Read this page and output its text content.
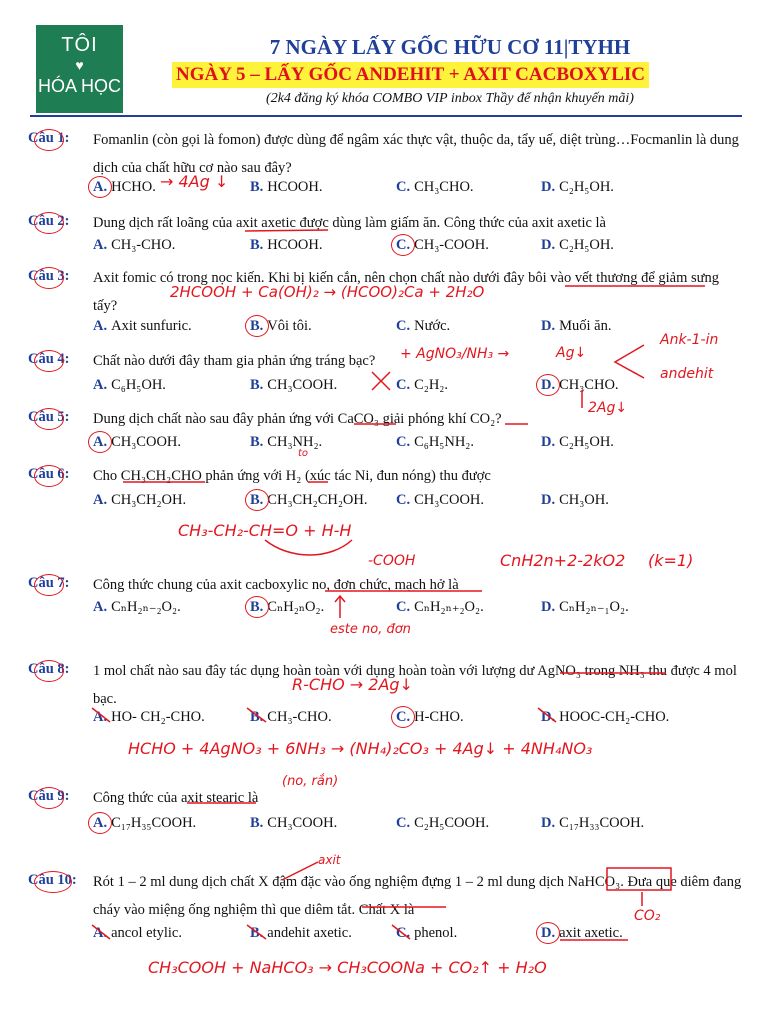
TÔI
♥
HÓA HỌC
7 NGÀY LẤY GỐC HỮU CƠ 11|TYHH
NGÀY 5 – LẤY GỐC ANDEHIT + AXIT CACBOXYLIC
(2k4 đăng ký khóa COMBO VIP inbox Thầy để nhận khuyến mãi)
Câu 1: Fomanlin (còn gọi là fomon) được dùng để ngâm xác thực vật, thuộc da, tẩy uế, diệt trùng…Focmanlin là dung dịch của chất hữu cơ nào sau đây?
A. HCHO.	B. HCOOH.	C. CH₃CHO.	D. C₂H₅OH.
Câu 2: Dung dịch rất loãng của axit axetic được dùng làm giấm ăn. Công thức của axit axetic là
A. CH₃-CHO.	B. HCOOH.	C. CH₃-COOH.	D. C₂H₅OH.
Câu 3: Axit fomic có trong nọc kiến. Khi bị kiến cắn, nên chọn chất nào dưới đây bôi vào vết thương để giảm sưng tấy?
A. Axit sunfuric.	B. Vôi tôi.	C. Nước.	D. Muối ăn.
Câu 4: Chất nào dưới đây tham gia phản ứng tráng bạc?
A. C₆H₅OH.	B. CH₃COOH.	C. C₂H₂.	D. CH₃CHO.
Câu 5: Dung dịch chất nào sau đây phản ứng với CaCO₃ giải phóng khí CO₂?
A. CH₃COOH.	B. CH₃NH₂.	C. C₆H₅NH₂.	D. C₂H₅OH.
Câu 6: Cho CH₃CH₂CHO phản ứng với H₂ (xúc tác Ni, đun nóng) thu được
A. CH₃CH₂OH.	B. CH₃CH₂CH₂OH. C. CH₃COOH.	D. CH₃OH.
Câu 7: Công thức chung của axit cacboxylic no, đơn chức, mạch hở là
A. CₙH₂ₙ₋₂O₂.	B. CₙH₂ₙO₂.	C. CₙH₂ₙ₊₂O₂.	D. CₙH₂ₙ₋₁O₂.
Câu 8: 1 mol chất nào sau đây tác dụng hoàn toàn với dụng hoàn toàn với lượng dư AgNO₃ trong NH₃ thu được 4 mol bạc.
A. HO- CH₂-CHO.	B. CH₃-CHO.	C. H-CHO.	D. HOOC-CH₂-CHO.
Câu 9: Công thức của axit stearic là
A. C₁₇H₃₅COOH.	B. CH₃COOH.	C. C₂H₅COOH.	D. C₁₇H₃₃COOH.
Câu 10: Rót 1 – 2 ml dung dịch chất X đậm đặc vào ống nghiệm đựng 1 – 2 ml dung dịch NaHCO₃. Đưa que diêm đang cháy vào miệng ống nghiệm thì que diêm tắt. Chất X là
A. ancol etylic.	B. andehit axetic.	C. phenol.	D. axit axetic.
→ 4Ag ↓
2HCOOH + Ca(OH)₂ → (HCOO)₂Ca + 2H₂O
+ AgNO₃/NH₃ →	Ag↓
Ank-1-in
andehit
2Ag↓
to
CH₃-CH₂-CH=O + H-H
-COOH	CnH2n+2-2kO2 (k=1)
este no, đơn
R-CHO → 2Ag↓
HCHO + 4AgNO₃ + 6NH₃ → (NH₄)₂CO₃ + 4Ag↓ + 4NH₄NO₃
(no, rắn)
axit
CO₂
CH₃COOH + NaHCO₃ → CH₃COONa + CO₂↑ + H₂O
